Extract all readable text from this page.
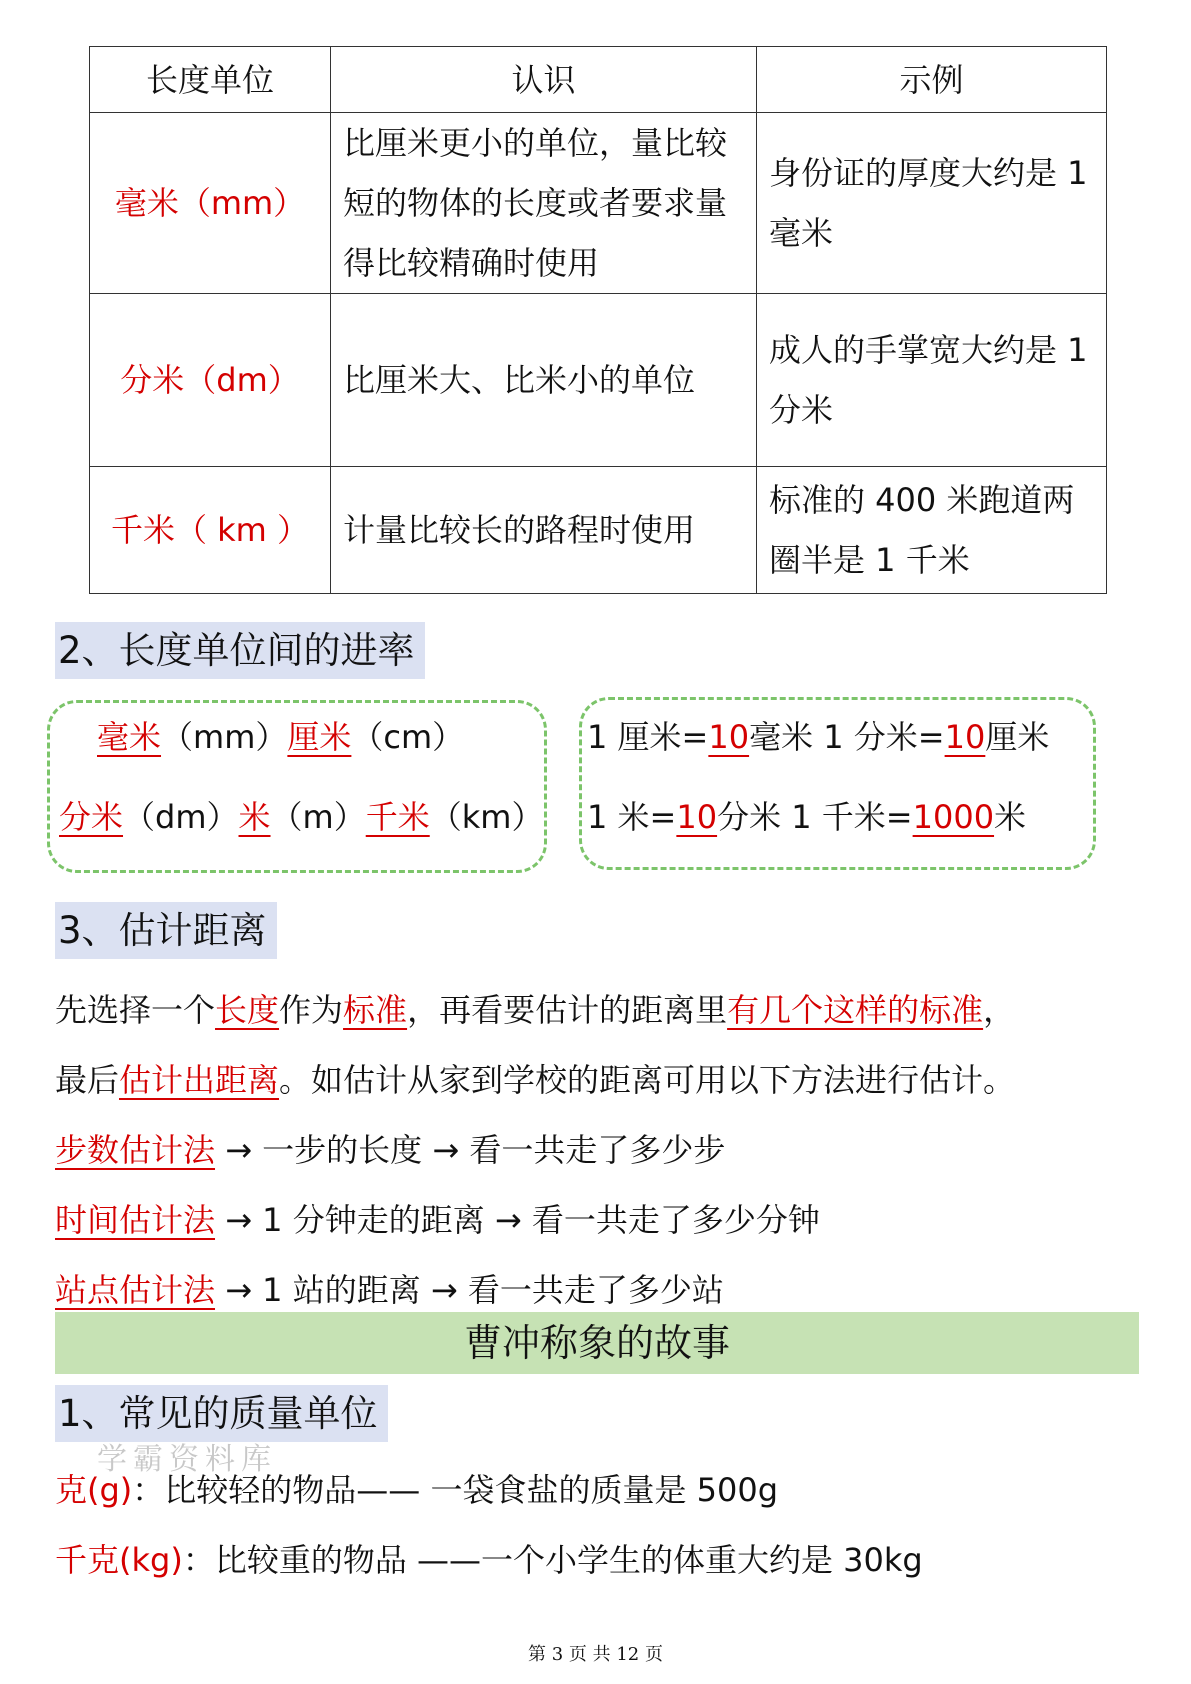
长度单位	认识	示例
毫米（mm）	比厘米更小的单位，量比较短的物体的长度或者要求量得比较精确时使用	身份证的厚度大约是 1 毫米
分米（dm）	比厘米大、比米小的单位	成人的手掌宽大约是 1 分米
千米（ km ）	计量比较长的路程时使用	标准的 400 米跑道两圈半是 1 千米
2、长度单位间的进率
毫米（mm）厘米（cm）
分米（dm）米（m）千米（km）
1 厘米=10毫米 1 分米=10厘米
1 米=10分米 1 千米=1000米
3、估计距离
先选择一个长度作为标准，再看要估计的距离里有几个这样的标准，
最后估计出距离。如估计从家到学校的距离可用以下方法进行估计。
步数估计法 → 一步的长度 → 看一共走了多少步
时间估计法 → 1 分钟走的距离 → 看一共走了多少分钟
站点估计法 → 1 站的距离 → 看一共走了多少站
曹冲称象的故事
1、常见的质量单位
学霸资料库
克(g)：比较轻的物品—— 一袋食盐的质量是 500g
千克(kg)：比较重的物品 ——一个小学生的体重大约是 30kg
第 3 页 共 12 页
